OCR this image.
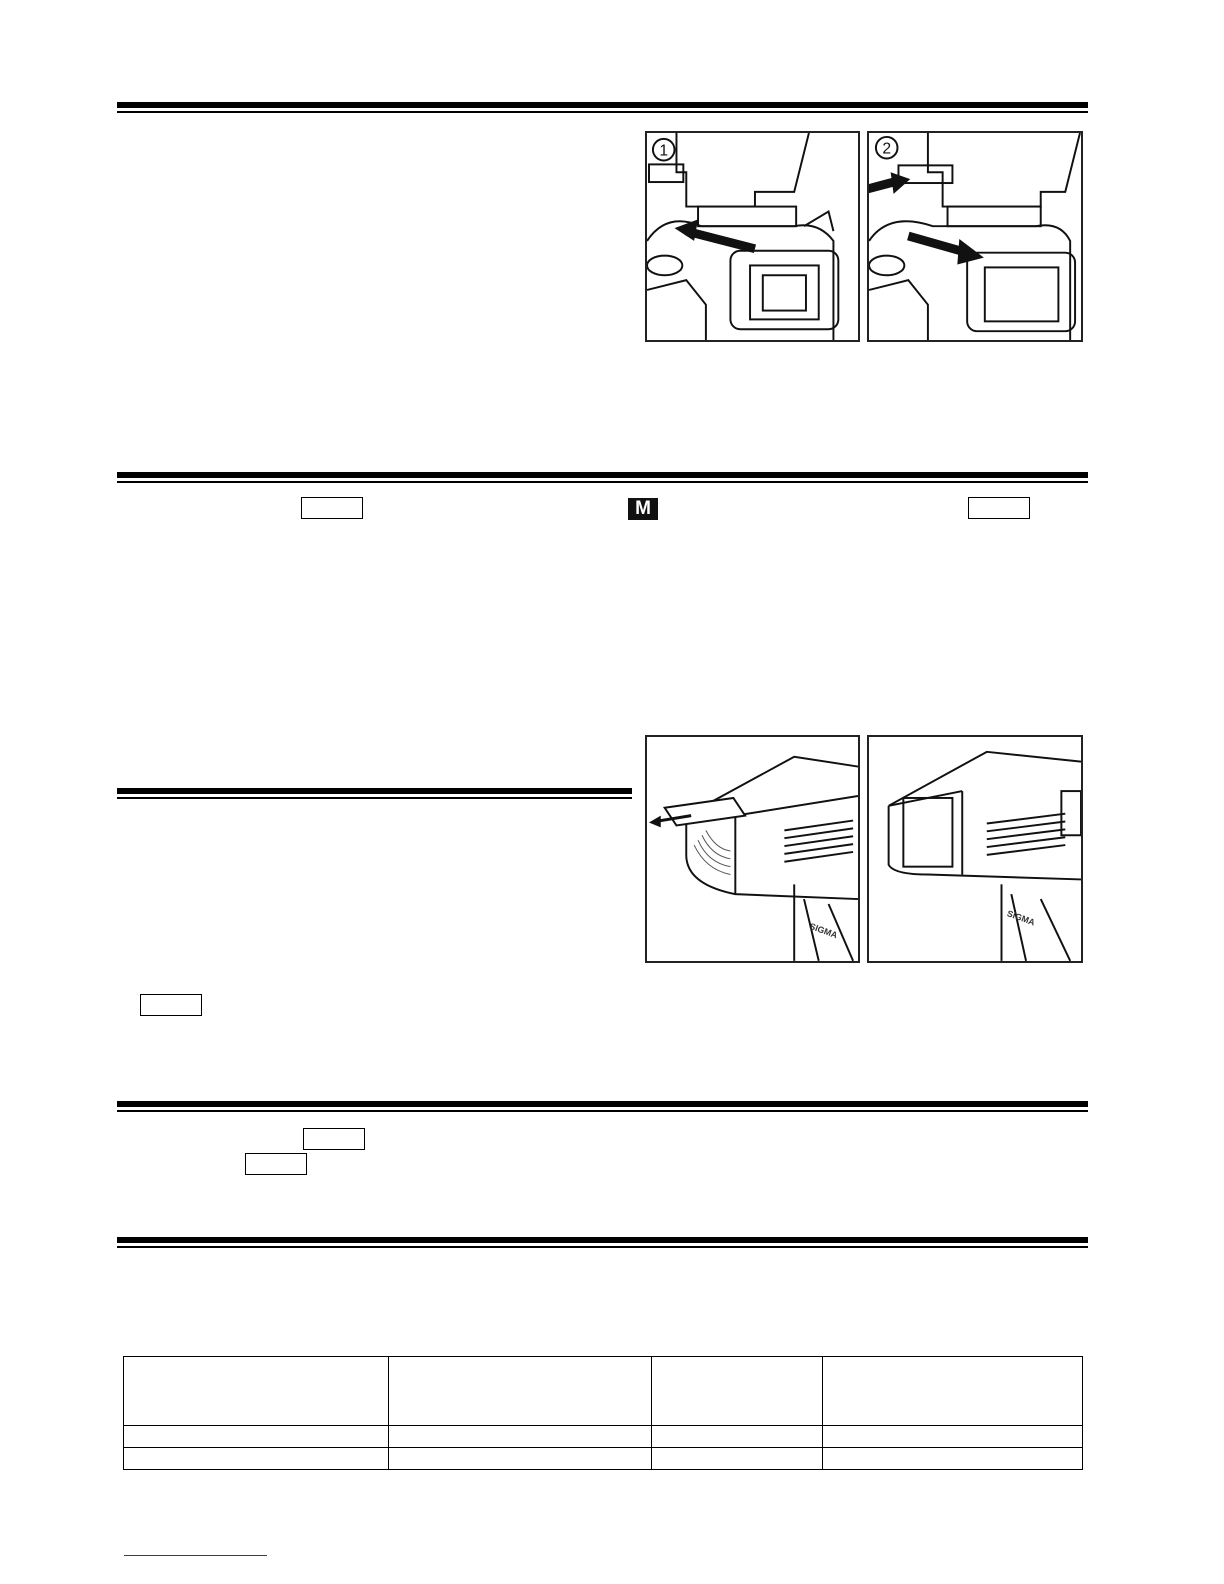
1	2
M
SIGMA
SIGMA
